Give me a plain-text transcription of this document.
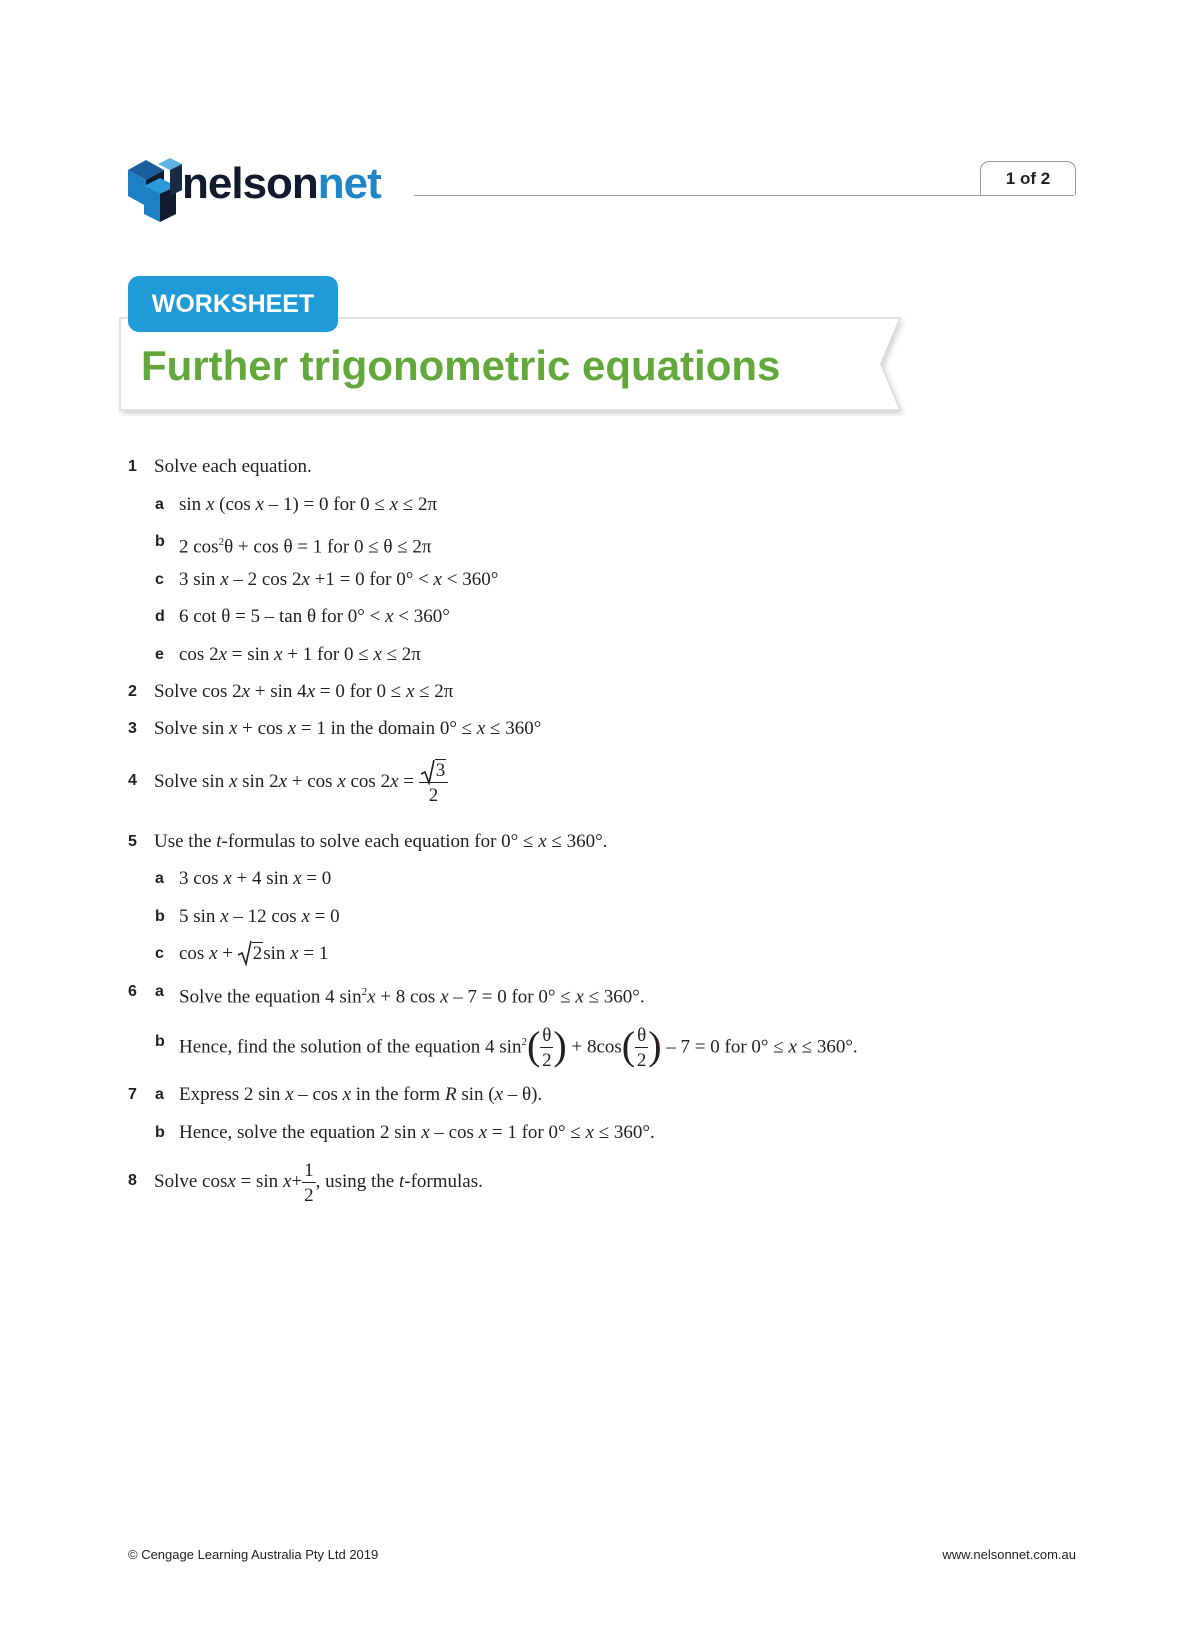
nelsonnet	1 of 2
WORKSHEET
Further trigonometric equations
1 Solve each equation.
a sin x (cos x – 1) = 0 for 0 ≤ x ≤ 2π
b 2 $\cos^2\theta + \cos \theta = 1$ for 0 ≤ θ ≤ 2π
c 3 sin x – 2 cos 2x +1 = 0 for 0° < x < 360°
d 6 cot θ = 5 – tan θ for 0° < x < 360°
e cos 2x = sin x + 1 for 0 ≤ x ≤ 2π
2 Solve cos 2x + sin 4x = 0 for 0 ≤ x ≤ 2π
3 Solve sin x + cos x = 1 in the domain 0° ≤ x ≤ 360°
4 Solve sin x sin 2x + cos x $\cos 2x = \frac{3}{2}$
5 Use the t-formulas to solve each equation for 0° ≤ x ≤ 360°.
a 3 cos x + 4 sin x = 0
b 5 sin x – 12 cos x = 0
c cos x +
2sin x = 1
6	a Solve the equation 4 $\sin^2x + 8$ cos x – 7 = 0 for 0° ≤ x ≤ 360°.
b Hence, find the solution of the equation 4 $\sin^2( \frac{\theta}{2}$ ) + $8\cos( \frac{\theta}{2}$ ) – 7 = 0 for 0° ≤ x ≤ 360°.
7	a Express 2 sin x – cos x in the form R sin (x – θ).
b Hence, solve the equation 2 sin x – cos x = 1 for 0° ≤ x ≤ 360°.
8 Solve $\cos x = \sin x+ \frac{1}{2}$ , using the t-formulas.
© Cengage Learning Australia Pty Ltd 2019	www.nelsonnet.com.au
